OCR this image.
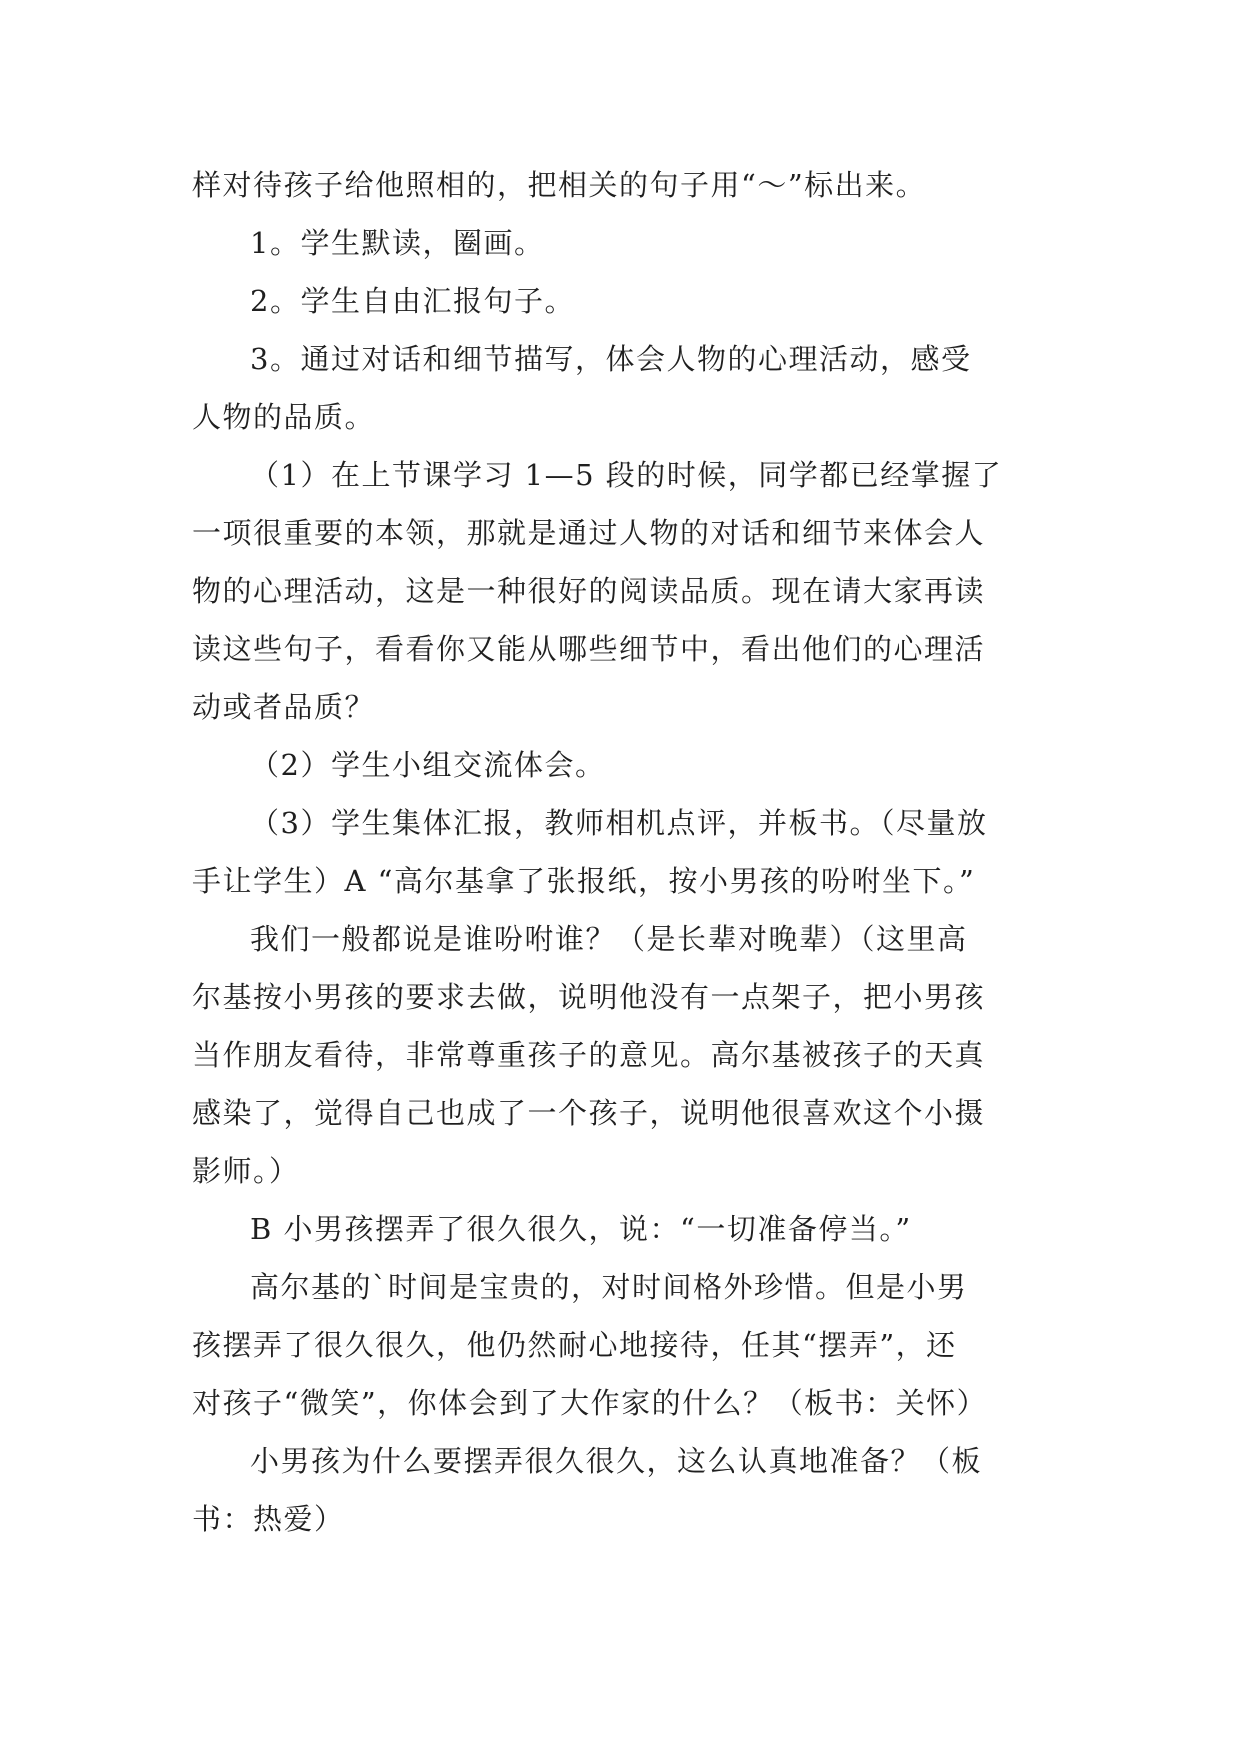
样对待孩子给他照相的，把相关的句子用“～”标出来。
1。学生默读，圈画。
2。学生自由汇报句子。
3。通过对话和细节描写，体会人物的心理活动，感受
人物的品质。
（1）在上节课学习 1—5 段的时候，同学都已经掌握了
一项很重要的本领，那就是通过人物的对话和细节来体会人
物的心理活动，这是一种很好的阅读品质。现在请大家再读
读这些句子，看看你又能从哪些细节中，看出他们的心理活
动或者品质？
（2）学生小组交流体会。
（3）学生集体汇报，教师相机点评，并板书。（尽量放
手让学生）A “高尔基拿了张报纸，按小男孩的吩咐坐下。”
我们一般都说是谁吩咐谁？（是长辈对晚辈）（这里高
尔基按小男孩的要求去做，说明他没有一点架子，把小男孩
当作朋友看待，非常尊重孩子的意见。高尔基被孩子的天真
感染了，觉得自己也成了一个孩子，说明他很喜欢这个小摄
影师。）
B 小男孩摆弄了很久很久，说：“一切准备停当。”
高尔基的`时间是宝贵的，对时间格外珍惜。但是小男
孩摆弄了很久很久，他仍然耐心地接待，任其“摆弄”，还
对孩子“微笑”，你体会到了大作家的什么？（板书：关怀）
小男孩为什么要摆弄很久很久，这么认真地准备？（板
书：热爱）
